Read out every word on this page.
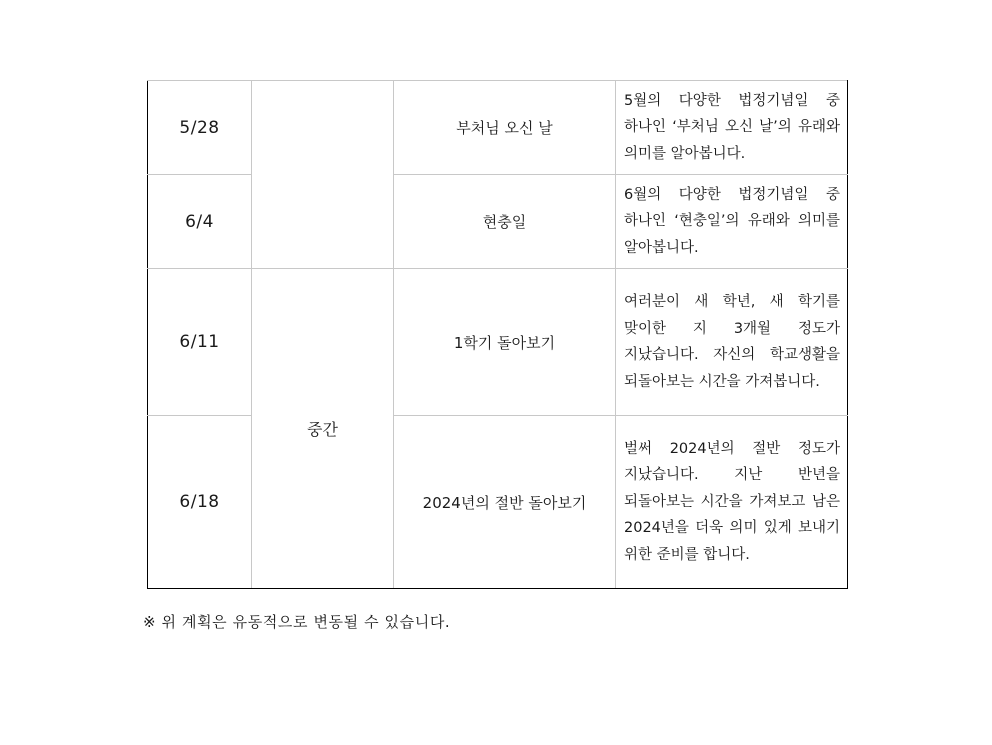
5/28		부처님 오신 날	5월의 다양한 법정기념일 중 하나인 ‘부처님 오신 날’의 유래와 의미를 알아봅니다.
6/4		현충일	6월의 다양한 법정기념일 중 하나인 ‘현충일’의 유래와 의미를 알아봅니다.
6/11	중간	1학기 돌아보기	여러분이 새 학년, 새 학기를 맞이한 지 3개월 정도가 지났습니다. 자신의 학교생활을 되돌아보는 시간을 가져봅니다.
6/18		2024년의 절반 돌아보기	벌써 2024년의 절반 정도가 지났습니다. 지난 반년을 되돌아보는 시간을 가져보고 남은 2024년을 더욱 의미 있게 보내기 위한 준비를 합니다.
※ 위 계획은 유동적으로 변동될 수 있습니다.
